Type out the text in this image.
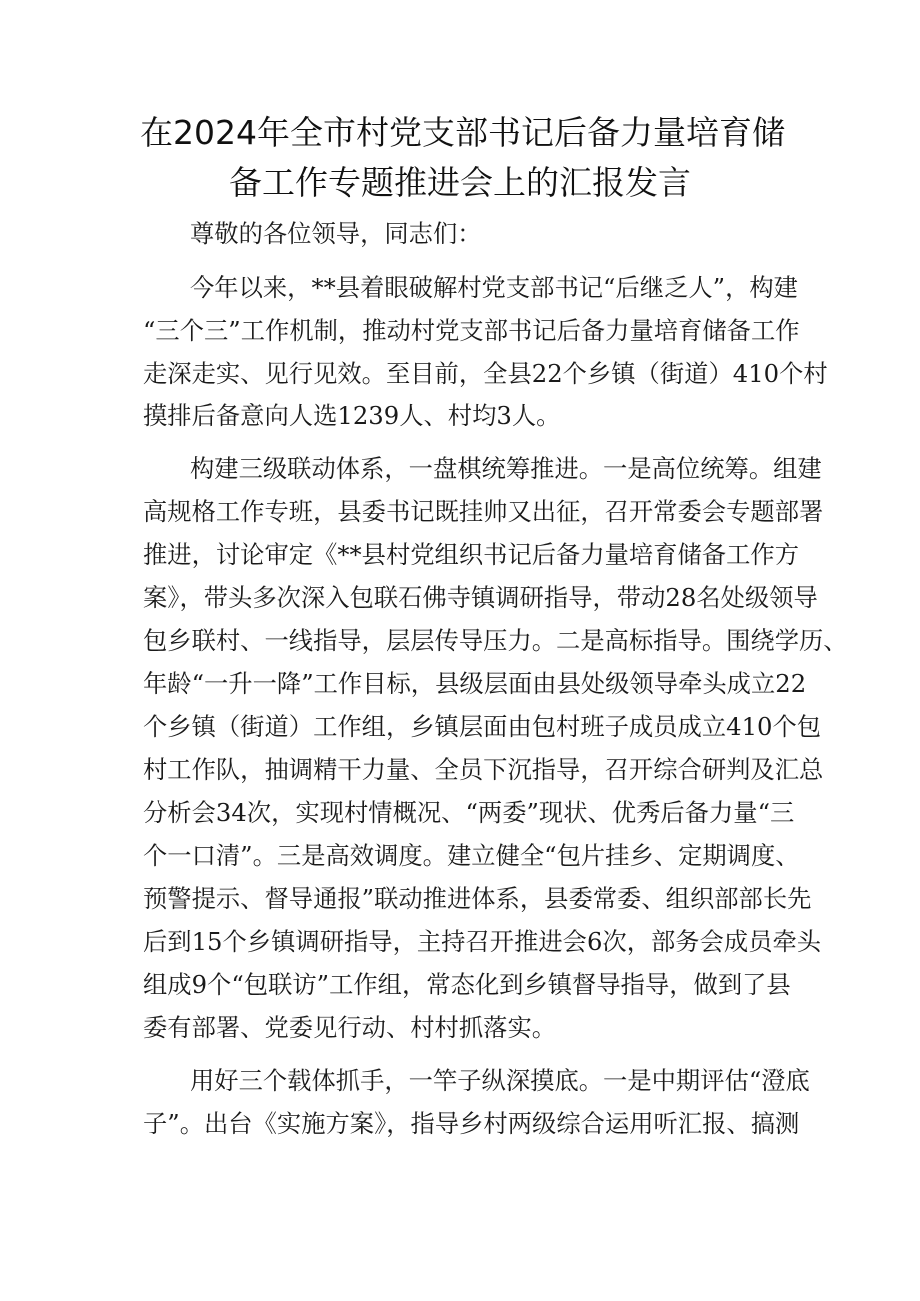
在2024年全市村党支部书记后备力量培育储
备工作专题推进会上的汇报发言

尊敬的各位领导，同志们：

今年以来，**县着眼破解村党支部书记“后继乏人”，构建

“三个三”工作机制，推动村党支部书记后备力量培育储备工作

走深走实、见行见效。至目前，全县22个乡镇（街道）410个村

摸排后备意向人选1239人、村均3人。

构建三级联动体系，一盘棋统筹推进。一是高位统筹。组建

高规格工作专班，县委书记既挂帅又出征，召开常委会专题部署

推进，讨论审定《**县村党组织书记后备力量培育储备工作方

案》，带头多次深入包联石佛寺镇调研指导，带动28名处级领导

包乡联村、一线指导，层层传导压力。二是高标指导。围绕学历、

年龄“一升一降”工作目标，县级层面由县处级领导牵头成立22

个乡镇（街道）工作组，乡镇层面由包村班子成员成立410个包

村工作队，抽调精干力量、全员下沉指导，召开综合研判及汇总

分析会34次，实现村情概况、“两委”现状、优秀后备力量“三

个一口清”。三是高效调度。建立健全“包片挂乡、定期调度、

预警提示、督导通报”联动推进体系，县委常委、组织部部长先

后到15个乡镇调研指导，主持召开推进会6次，部务会成员牵头

组成9个“包联访”工作组，常态化到乡镇督导指导，做到了县

委有部署、党委见行动、村村抓落实。

用好三个载体抓手，一竿子纵深摸底。一是中期评估“澄底

子”。出台《实施方案》，指导乡村两级综合运用听汇报、搞测
